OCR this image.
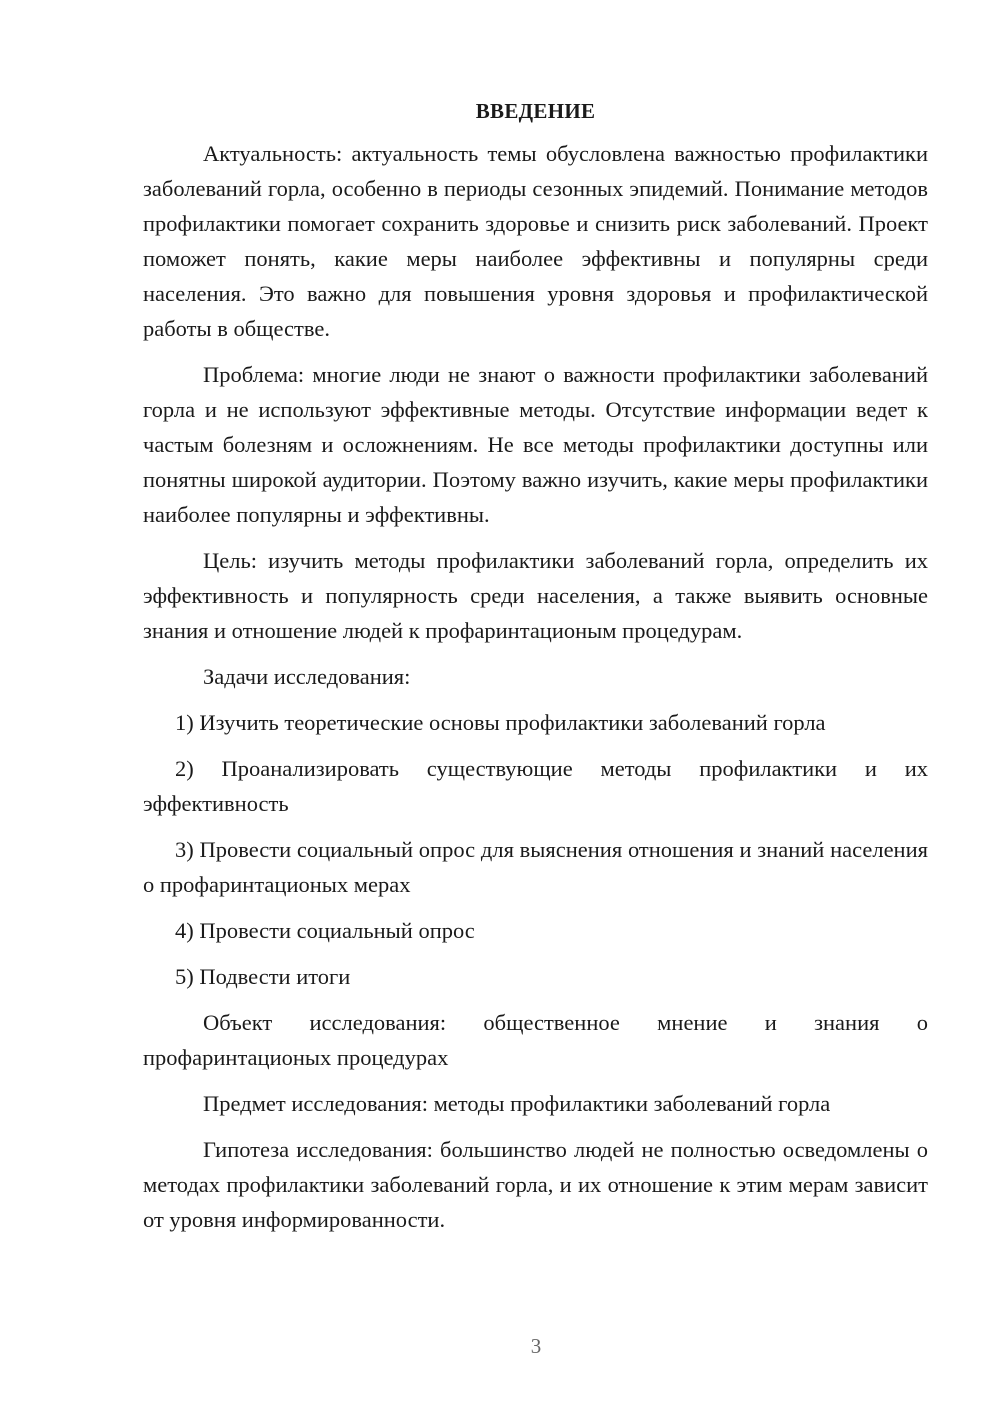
ВВЕДЕНИЕ

Актуальность: актуальность темы обусловлена важностью профилактики заболеваний горла, особенно в периоды сезонных эпидемий. Понимание методов профилактики помогает сохранить здоровье и снизить риск заболеваний. Проект поможет понять, какие меры наиболее эффективны и популярны среди населения. Это важно для повышения уровня здоровья и профилактической работы в обществе.

Проблема: многие люди не знают о важности профилактики заболеваний горла и не используют эффективные методы. Отсутствие информации ведет к частым болезням и осложнениям. Не все методы профилактики доступны или понятны широкой аудитории. Поэтому важно изучить, какие меры профилактики наиболее популярны и эффективны.

Цель: изучить методы профилактики заболеваний горла, определить их эффективность и популярность среди населения, а также выявить основные знания и отношение людей к профаринтационым процедурам.

Задачи исследования:

1) Изучить теоретические основы профилактики заболеваний горла

2) Проанализировать существующие методы профилактики и их эффективность

3) Провести социальный опрос для выяснения отношения и знаний населения о профаринтационых мерах

4) Провести социальный опрос

5) Подвести итоги

Объект исследования: общественное мнение и знания о профаринтационых процедурах

Предмет исследования: методы профилактики заболеваний горла

Гипотеза исследования: большинство людей не полностью осведомлены о методах профилактики заболеваний горла, и их отношение к этим мерам зависит от уровня информированности.

3
